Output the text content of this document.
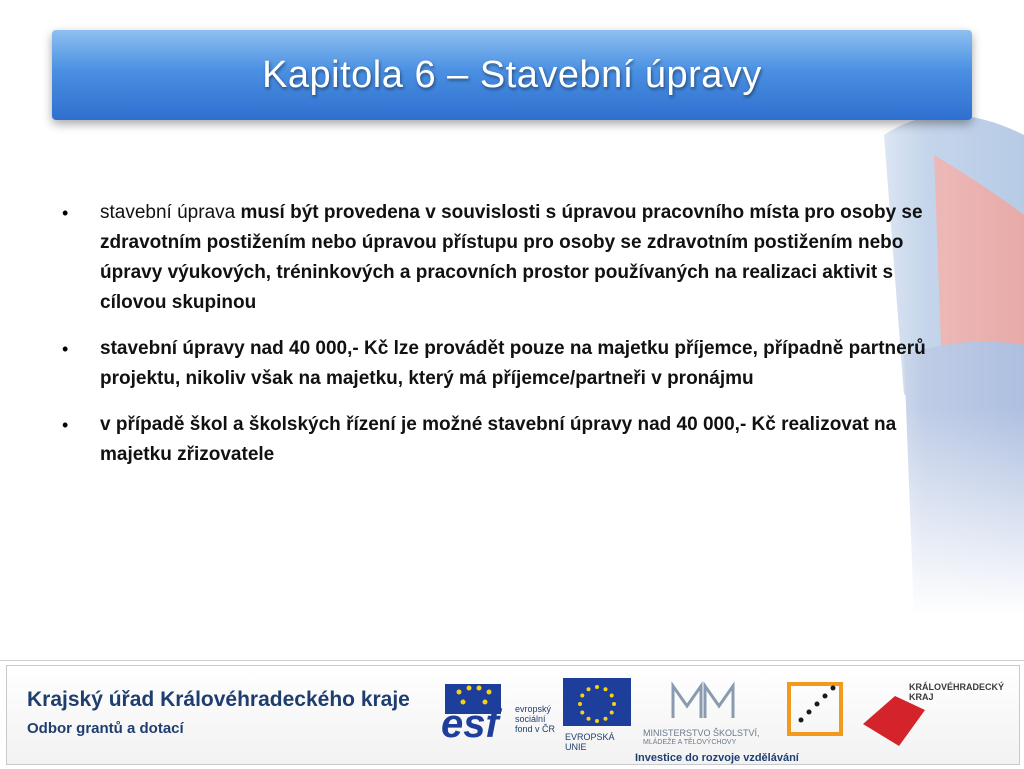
Kapitola 6 – Stavební úpravy
•	stavební úprava musí být provedena v souvislosti s úpravou pracovního místa pro osoby se zdravotním postižením nebo úpravou přístupu pro osoby se zdravotním postižením nebo úpravy výukových, tréninkových a pracovních prostor používaných na realizaci aktivit s cílovou skupinou
•	stavební úpravy nad 40 000,- Kč lze provádět pouze na majetku příjemce, případně partnerů projektu, nikoliv však na majetku, který má příjemce/partneři v pronájmu
•	v případě škol a školských řízení je možné stavební úpravy nad 40 000,- Kč realizovat na majetku zřizovatele
Krajský úřad Královéhradeckého kraje
Odbor grantů a dotací	esf evropský
sociální
fond v ČR
EVROPSKÁ UNIE
MINISTERSTVO ŠKOLSTVÍ,
MLÁDEŽE A TĚLOVÝCHOVY
Investice do rozvoje vzdělávání
KRÁLOVÉHRADECKÝ
KRAJ
